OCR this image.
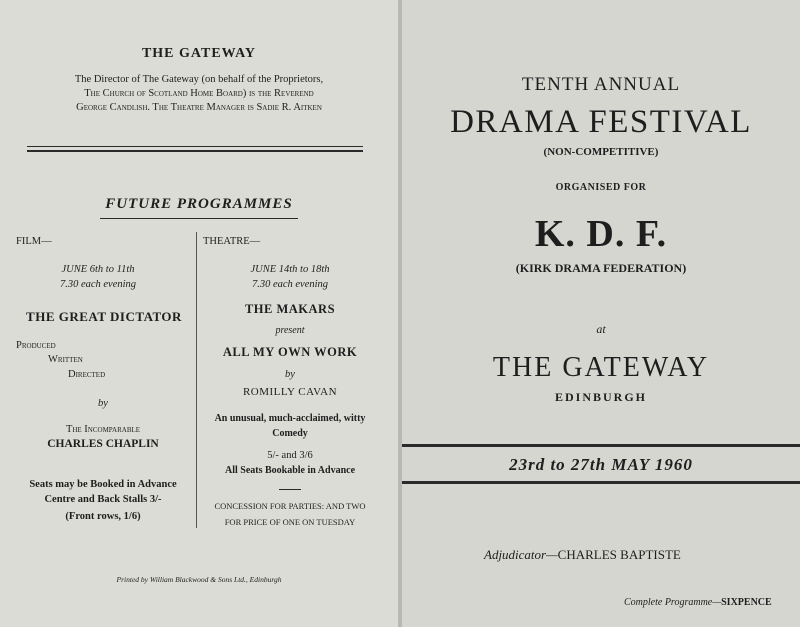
THE GATEWAY
The Director of The Gateway (on behalf of the Proprietors,
The Church of Scotland Home Board) is the Reverend
George Candlish. The Theatre Manager is Sadie R. Aitken
FUTURE PROGRAMMES
FILM—
JUNE 6th to 11th
7.30 each evening
THE GREAT DICTATOR
Produced
Written
Directed
by
The Incomparable
CHARLES CHAPLIN
Seats may be Booked in Advance
Centre and Back Stalls 3/-
(Front rows, 1/6)
THEATRE—
JUNE 14th to 18th
7.30 each evening
THE MAKARS
present
ALL MY OWN WORK
by
ROMILLY CAVAN
An unusual, much-acclaimed, witty
Comedy
5/- and 3/6
All Seats Bookable in Advance
CONCESSION FOR PARTIES: AND TWO
FOR PRICE OF ONE ON TUESDAY
Printed by William Blackwood & Sons Ltd., Edinburgh
TENTH ANNUAL
DRAMA FESTIVAL
(NON-COMPETITIVE)
ORGANISED FOR
K. D. F.
(KIRK DRAMA FEDERATION)
at
THE GATEWAY
EDINBURGH
23rd to 27th MAY 1960
Adjudicator—CHARLES BAPTISTE
Complete Programme—SIXPENCE
